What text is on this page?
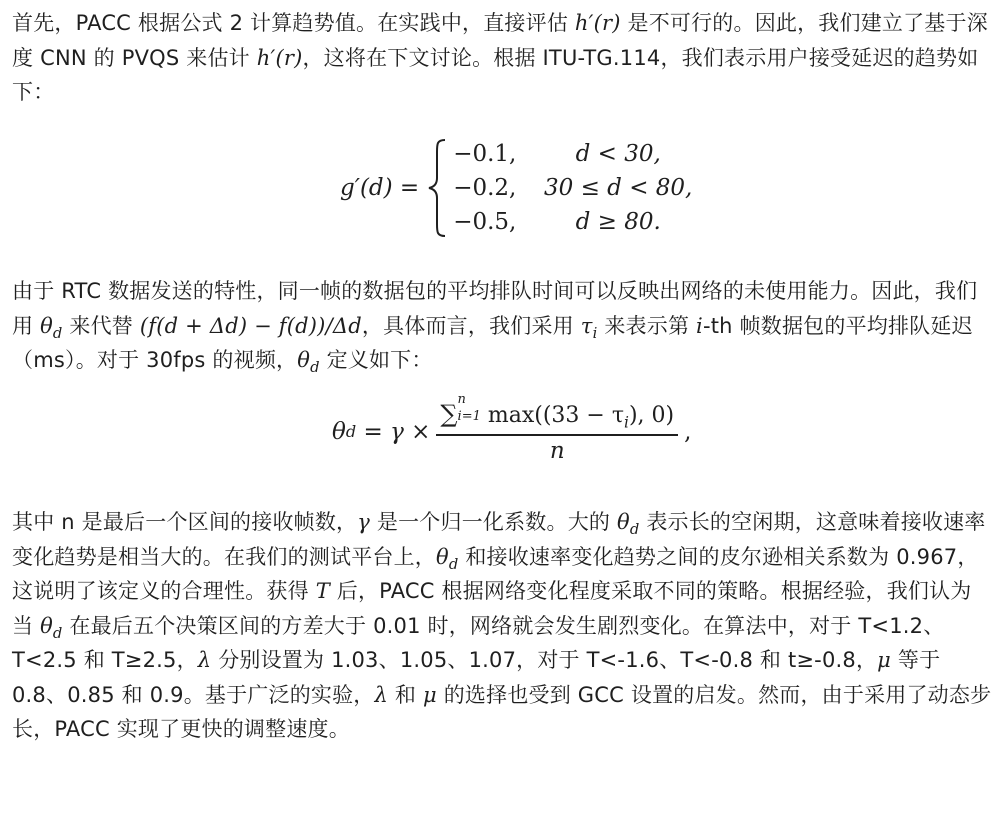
首先，PACC 根据公式 2 计算趋势值。在实践中，直接评估 h′(r) 是不可行的。因此，我们建立了基于深度 CNN 的 PVQS 来估计 h′(r)，这将在下文讨论。根据 ITU-TG.114，我们表示用户接受延迟的趋势如下：

g′(d) =
−0.1,	d < 30,
−0.2,	30 ≤ d < 80,
−0.5,	d ≥ 80.

由于 RTC 数据发送的特性，同一帧的数据包的平均排队时间可以反映出网络的未使用能力。因此，我们用 $\theta_d$ 来代替 (f(d + Δd) − f(d))/Δd，具体而言，我们采用 $\tau_i$ 来表示第 i-th 帧数据包的平均排队延迟（ms）。对于 30fps 的视频，$\theta_d$ 定义如下：

θ d = γ × ∑
n
i=1 $\max((33 - \tau_i)$, 0)
n ,

其中 n 是最后一个区间的接收帧数，γ 是一个归一化系数。大的 $\theta_d$ 表示长的空闲期，这意味着接收速率变化趋势是相当大的。在我们的测试平台上，$\theta_d$ 和接收速率变化趋势之间的皮尔逊相关系数为 0.967，这说明了该定义的合理性。获得 T 后，PACC 根据网络变化程度采取不同的策略。根据经验，我们认为当 $\theta_d$ 在最后五个决策区间的方差大于 0.01 时，网络就会发生剧烈变化。在算法中，对于 T<1.2、T<2.5 和 T≥2.5，λ 分别设置为 1.03、1.05、1.07，对于 T<-1.6、T<-0.8 和 t≥-0.8，μ 等于 0.8、0.85 和 0.9。基于广泛的实验，λ 和 μ 的选择也受到 GCC 设置的启发。然而，由于采用了动态步长，PACC 实现了更快的调整速度。
